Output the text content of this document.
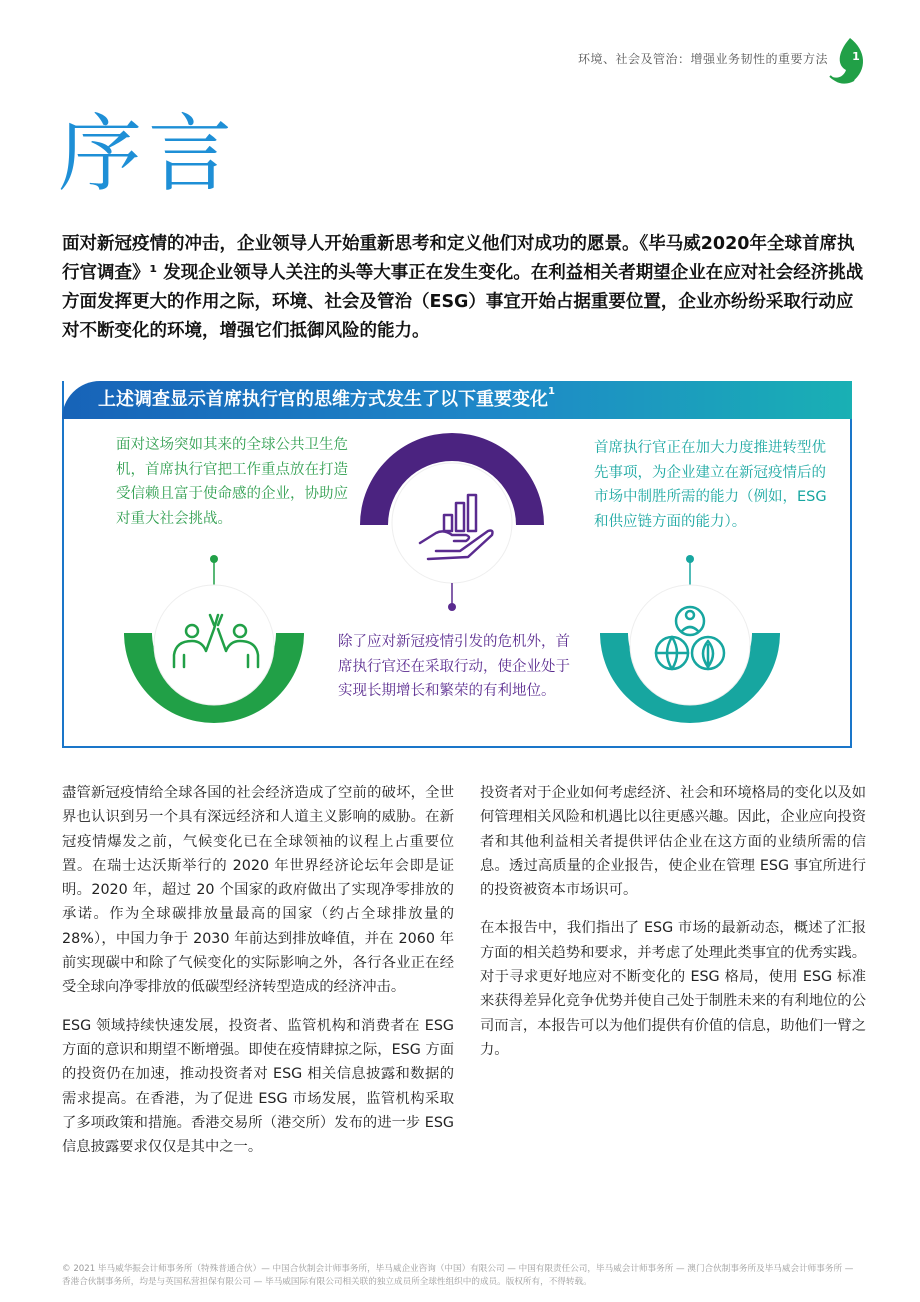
环境、社会及管治：增强业务韧性的重要方法 1
序言

面对新冠疫情的冲击，企业领导人开始重新思考和定义他们对成功的愿景。《毕马威2020年全球首席执行官调查》¹ 发现企业领导人关注的头等大事正在发生变化。在利益相关者期望企业在应对社会经济挑战方面发挥更大的作用之际，环境、社会及管治（ESG）事宜开始占据重要位置，企业亦纷纷采取行动应对不断变化的环境，增强它们抵御风险的能力。

上述调查显示首席执行官的思维方式发生了以下重要变化$^1$

面对这场突如其来的全球公共卫生危机，首席执行官把工作重点放在打造受信赖且富于使命感的企业，协助应对重大社会挑战。

首席执行官正在加大力度推进转型优先事项，为企业建立在新冠疫情后的市场中制胜所需的能力（例如，ESG和供应链方面的能力）。

除了应对新冠疫情引发的危机外，首席执行官还在采取行动，使企业处于实现长期增长和繁荣的有利地位。

盡管新冠疫情给全球各国的社会经济造成了空前的破坏，全世界也认识到另一个具有深远经济和人道主义影响的威胁。在新冠疫情爆发之前，气候变化已在全球领袖的议程上占重要位置。在瑞士达沃斯举行的 2020 年世界经济论坛年会即是证明。2020 年，超过 20 个国家的政府做出了实现净零排放的承诺。作为全球碳排放量最高的国家（约占全球排放量的 28%），中国力争于 2030 年前达到排放峰值，并在 2060 年前实现碳中和除了气候变化的实际影响之外，各行各业正在经受全球向净零排放的低碳型经济转型造成的经济冲击。

ESG 领域持续快速发展，投资者、监管机构和消费者在 ESG 方面的意识和期望不断增强。即使在疫情肆掠之际，ESG 方面的投资仍在加速，推动投资者对 ESG 相关信息披露和数据的需求提高。在香港，为了促进 ESG 市场发展，监管机构采取了多项政策和措施。香港交易所（港交所）发布的进一步 ESG 信息披露要求仅仅是其中之一。

投资者对于企业如何考虑经济、社会和环境格局的变化以及如何管理相关风险和机遇比以往更感兴趣。因此，企业应向投资者和其他利益相关者提供评估企业在这方面的业绩所需的信息。透过高质量的企业报告，使企业在管理 ESG 事宜所进行的投资被资本市场识可。

在本报告中，我们指出了 ESG 市场的最新动态，概述了汇报方面的相关趋势和要求，并考虑了处理此类事宜的优秀实践。对于寻求更好地应对不断变化的 ESG 格局，使用 ESG 标准来获得差异化竞争优势并使自己处于制胜未来的有利地位的公司而言，本报告可以为他们提供有价值的信息，助他们一臂之力。

© 2021 毕马威华振会计师事务所（特殊普通合伙）— 中国合伙制会计师事务所，毕马威企业咨询（中国）有限公司 — 中国有限责任公司，毕马威会计师事务所 — 澳门合伙制事务所及毕马威会计师事务所 — 香港合伙制事务所，均是与英国私营担保有限公司 — 毕马威国际有限公司相关联的独立成员所全球性组织中的成员。版权所有，不得转载。
